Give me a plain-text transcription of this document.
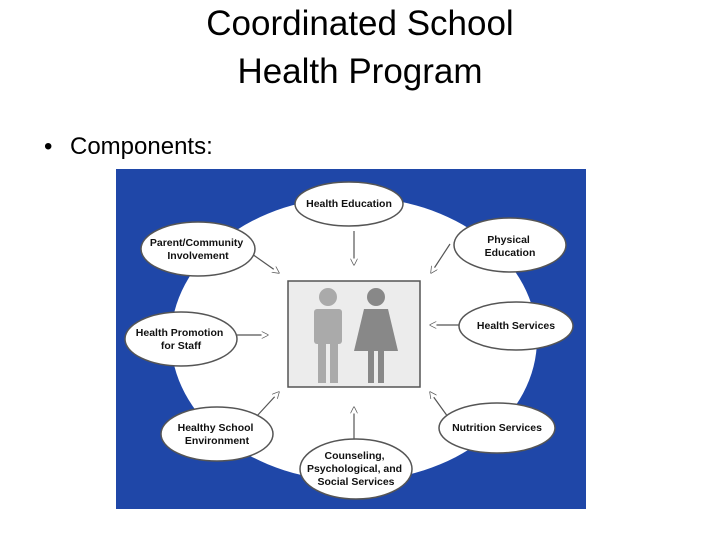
Coordinated School
Health Program
• Components:
Health Education
Physical Education
Health Services
Nutrition Services
Counseling, Psychological, and Social Services
Healthy School Environment
Health Promotion for Staff
Parent/Community Involvement
